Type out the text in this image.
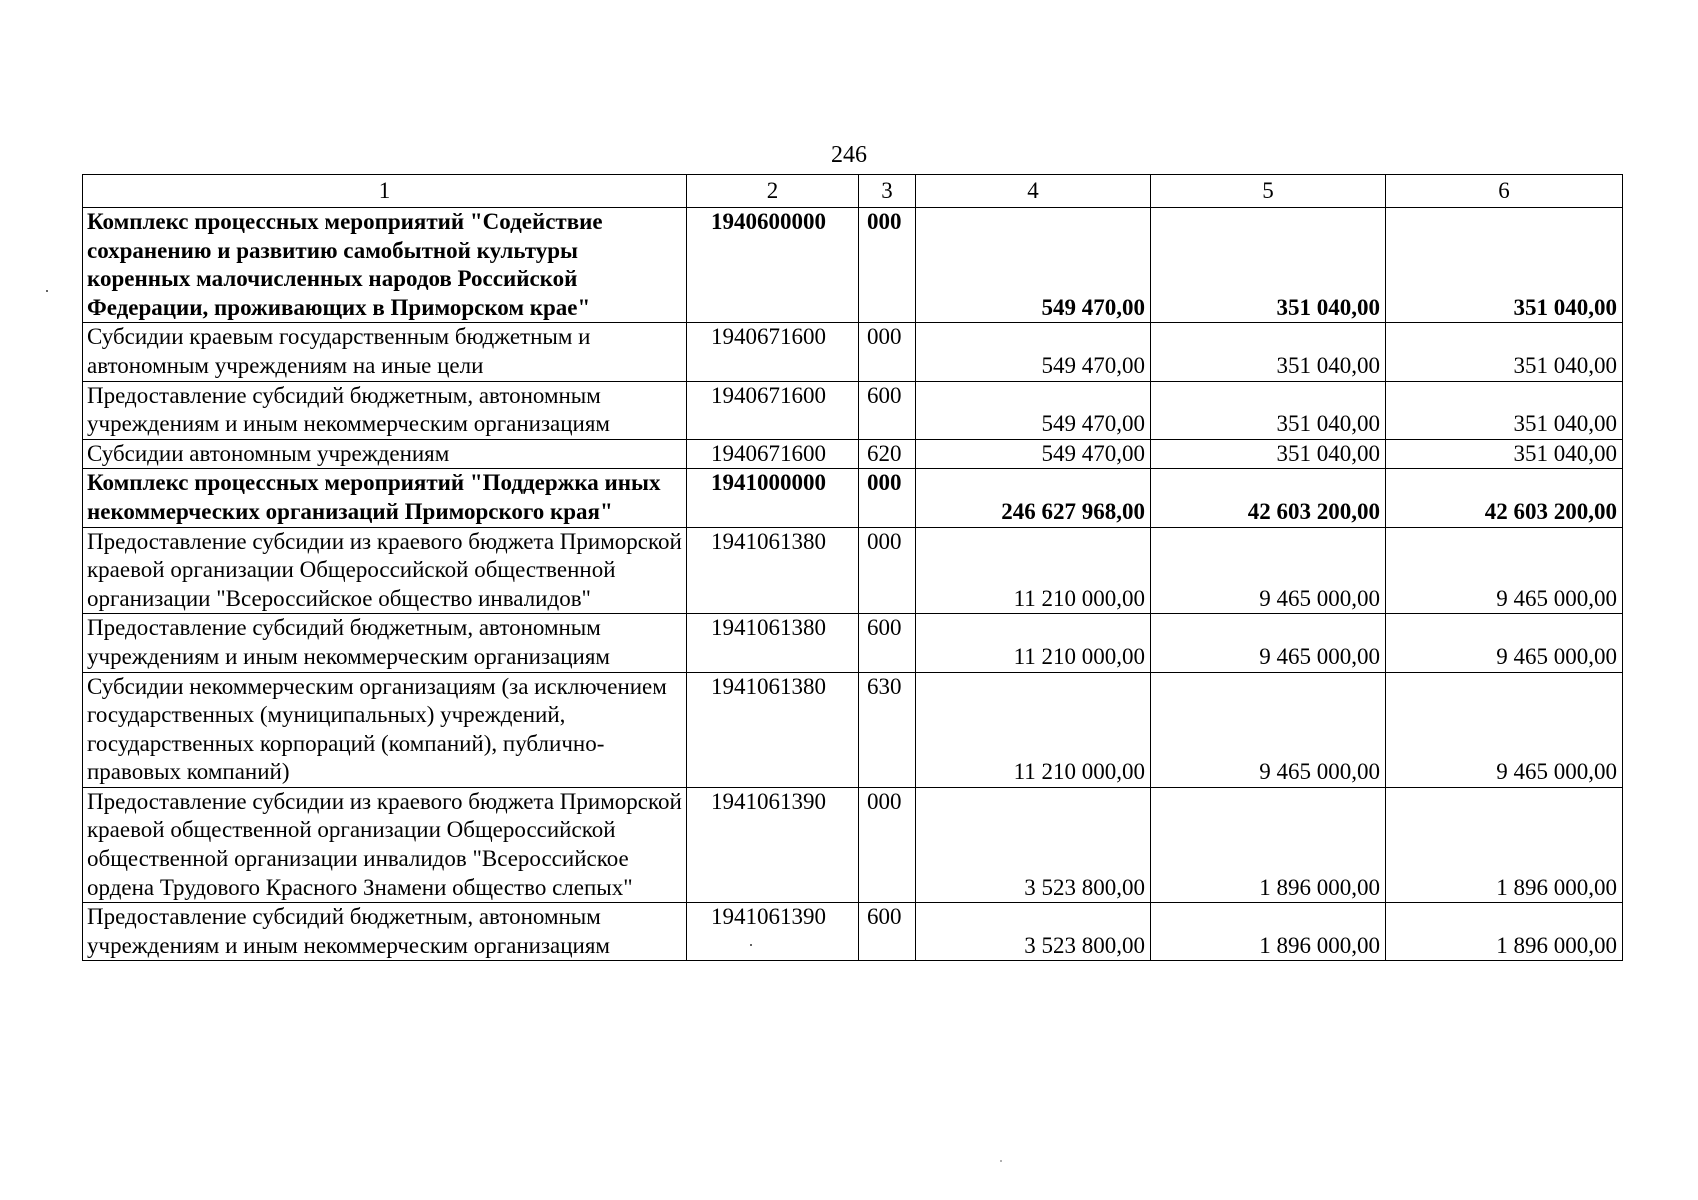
246
1	2	3	4	5	6
Комплекс процессных мероприятий "Содействие сохранению и развитию самобытной культуры коренных малочисленных народов Российской Федерации, проживающих в Приморском крае"	1940600000	000	549 470,00	351 040,00	351 040,00
Субсидии краевым государственным бюджетным и автономным учреждениям на иные цели	1940671600	000	549 470,00	351 040,00	351 040,00
Предоставление субсидий бюджетным, автономным учреждениям и иным некоммерческим организациям	1940671600	600	549 470,00	351 040,00	351 040,00
Субсидии автономным учреждениям	1940671600	620	549 470,00	351 040,00	351 040,00
Комплекс процессных мероприятий "Поддержка иных некоммерческих организаций Приморского края"	1941000000	000	246 627 968,00	42 603 200,00	42 603 200,00
Предоставление субсидии из краевого бюджета Приморской краевой организации Общероссийской общественной организации "Всероссийское общество инвалидов"	1941061380	000	11 210 000,00	9 465 000,00	9 465 000,00
Предоставление субсидий бюджетным, автономным учреждениям и иным некоммерческим организациям	1941061380	600	11 210 000,00	9 465 000,00	9 465 000,00
Субсидии некоммерческим организациям (за исключением государственных (муниципальных) учреждений, государственных корпораций (компаний), публично-правовых компаний)	1941061380	630	11 210 000,00	9 465 000,00	9 465 000,00
Предоставление субсидии из краевого бюджета Приморской краевой общественной организации Общероссийской общественной организации инвалидов "Всероссийское ордена Трудового Красного Знамени общество слепых"	1941061390	000	3 523 800,00	1 896 000,00	1 896 000,00
Предоставление субсидий бюджетным, автономным учреждениям и иным некоммерческим организациям	1941061390	600	3 523 800,00	1 896 000,00	1 896 000,00
